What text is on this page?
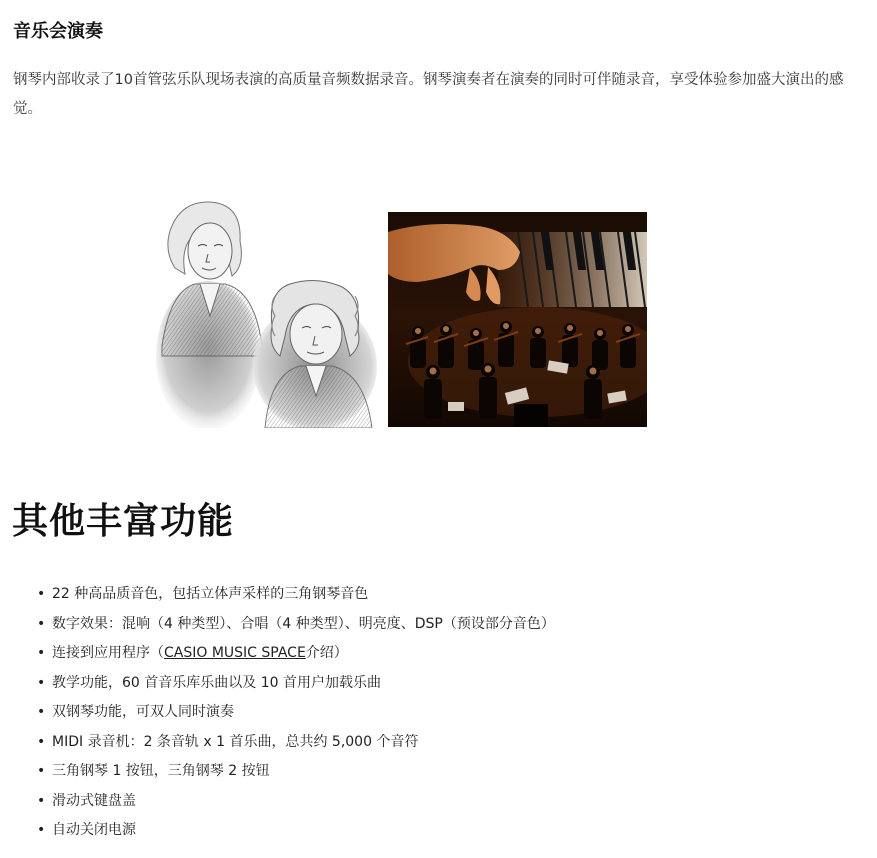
音乐会演奏

钢琴内部收录了10首管弦乐队现场表演的高质量音频数据录音。钢琴演奏者在演奏的同时可伴随录音，享受体验参加盛大演出的感觉。

其他丰富功能
• 22 种高品质音色，包括立体声采样的三角钢琴音色
• 数字效果：混响（4 种类型）、合唱（4 种类型）、明亮度、DSP（预设部分音色）
• 连接到应用程序（CASIO MUSIC SPACE介绍）
• 教学功能，60 首音乐库乐曲以及 10 首用户加载乐曲
• 双钢琴功能，可双人同时演奏
• MIDI 录音机：2 条音轨 x 1 首乐曲，总共约 5,000 个音符
• 三角钢琴 1 按钮，三角钢琴 2 按钮
• 滑动式键盘盖
• 自动关闭电源
